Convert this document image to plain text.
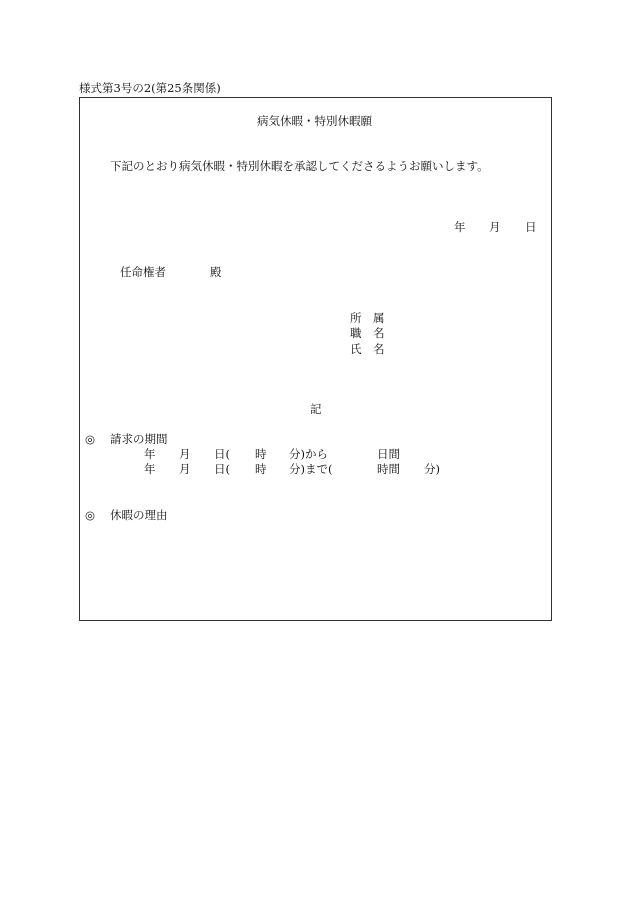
様式第3号の2(第25条関係)
病気休暇・特別休暇願
下記のとおり病気休暇・特別休暇を承認してくださるようお願いします。
年 月 日
任命権者	殿
所　属
職　名
氏　名
記
◎ 請求の期間
年 月 日( 時 分)から	日間
年 月 日( 時 分)まで(	時間 分)
◎ 休暇の理由
